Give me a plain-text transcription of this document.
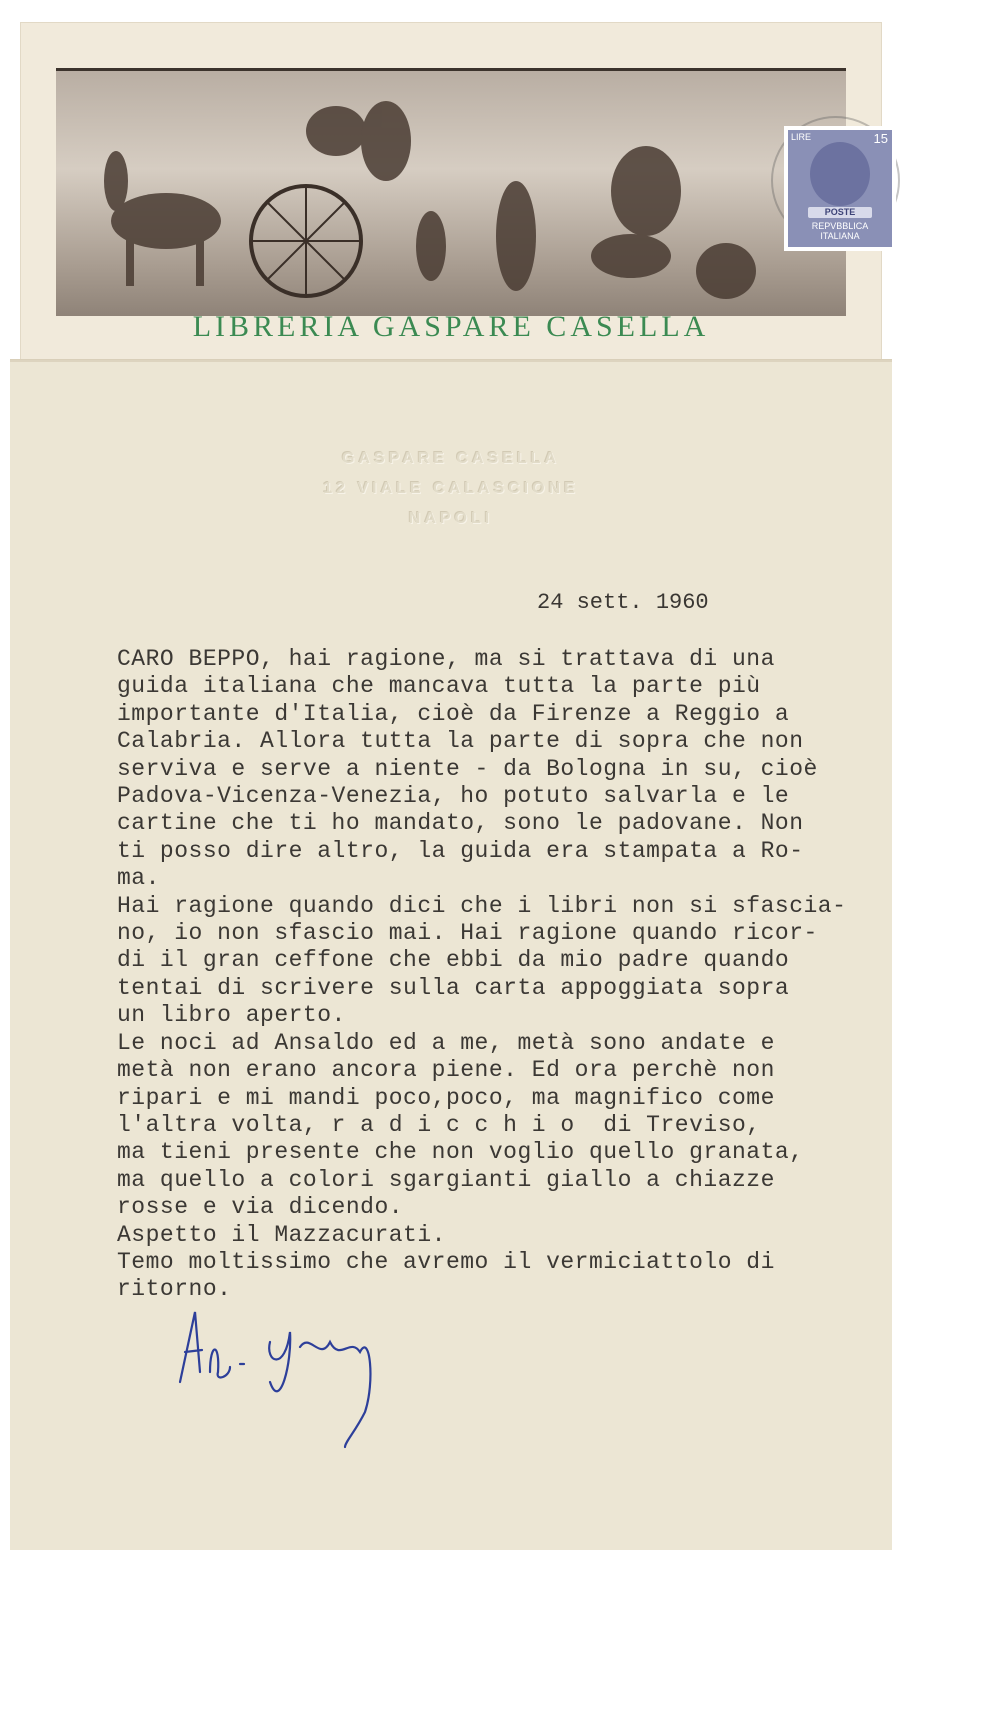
LIRE	15
POSTE
REPVBBLICA
ITALIANA
LIBRERIA GASPARE CASELLA
GASPARE CASELLA
12 VIALE CALASCIONE
NAPOLI
24 sett. 1960
CARO BEPPO, hai ragione, ma si trattava di una
guida italiana che mancava tutta la parte più
importante d'Italia, cioè da Firenze a Reggio a
Calabria. Allora tutta la parte di sopra che non
serviva e serve a niente - da Bologna in su, cioè
Padova-Vicenza-Venezia, ho potuto salvarla e le
cartine che ti ho mandato, sono le padovane. Non
ti posso dire altro, la guida era stampata a Ro-
ma.
Hai ragione quando dici che i libri non si sfascia-
no, io non sfascio mai. Hai ragione quando ricor-
di il gran ceffone che ebbi da mio padre quando
tentai di scrivere sulla carta appoggiata sopra
un libro aperto.
Le noci ad Ansaldo ed a me, metà sono andate e
metà non erano ancora piene. Ed ora perchè non
ripari e mi mandi poco,poco, ma magnifico come
l'altra volta, r a d i c c h i o  di Treviso,
ma tieni presente che non voglio quello granata,
ma quello a colori sgargianti giallo a chiazze
rosse e via dicendo.
Aspetto il Mazzacurati.
Temo moltissimo che avremo il vermiciattolo di
ritorno.
